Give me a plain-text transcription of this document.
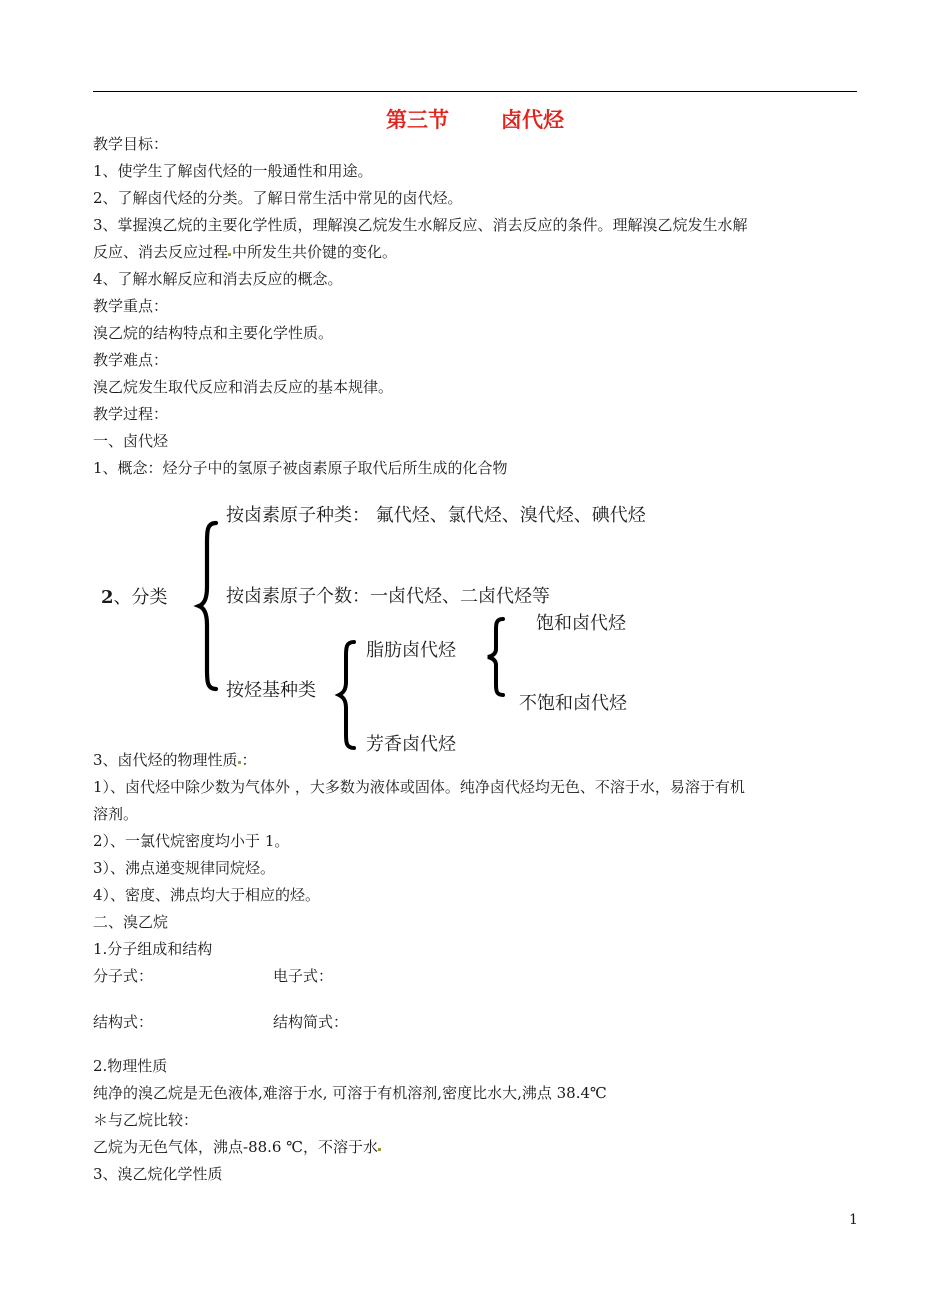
第三节 卤代烃
教学目标：
1、使学生了解卤代烃的一般通性和用途。
2、了解卤代烃的分类。了解日常生活中常见的卤代烃。
3、掌握溴乙烷的主要化学性质，理解溴乙烷发生水解反应、消去反应的条件。理解溴乙烷发生水解
反应、消去反应过程 中所发生共价键的变化。
4、了解水解反应和消去反应的概念。
教学重点：
溴乙烷的结构特点和主要化学性质。
教学难点：
溴乙烷发生取代反应和消去反应的基本规律。
教学过程：
一、卤代烃
1、概念：烃分子中的氢原子被卤素原子取代后所生成的化合物
2、分类
按卤素原子种类： 氟代烃、氯代烃、溴代烃、碘代烃
按卤素原子个数：一卤代烃、二卤代烃等
按烃基种类
脂肪卤代烃
芳香卤代烃
饱和卤代烃
不饱和卤代烃
3、卤代烃的物理性质 ：
1）、卤代烃中除少数为气体外 ，大多数为液体或固体。纯净卤代烃均无色、不溶于水，易溶于有机
溶剂。
2）、一氯代烷密度均小于 1。
3）、沸点递变规律同烷烃。
4）、密度、沸点均大于相应的烃。
二、溴乙烷
1.分子组成和结构
分子式：	电子式：
结构式：	结构简式：
2.物理性质
纯净的溴乙烷是无色液体,难溶于水, 可溶于有机溶剂,密度比水大,沸点 38.4℃
＊与乙烷比较：
乙烷为无色气体，沸点-88.6 ℃，不溶于水
3、溴乙烷化学性质
1
